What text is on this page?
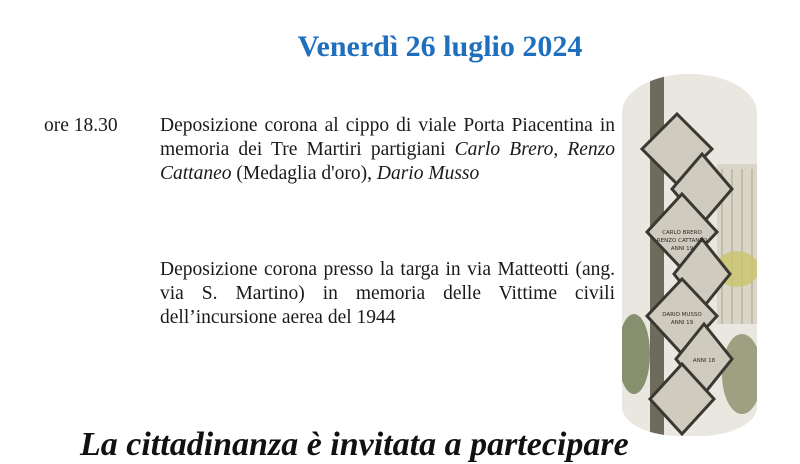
Venerdì 26 luglio 2024
ore 18.30 Deposizione corona al cippo di viale Porta Piacentina in memoria dei Tre Martiri partigiani Carlo Brero, Renzo Cattaneo (Medaglia d'oro), Dario Musso
Deposizione corona presso la targa in via Matteotti (ang. via S. Martino) in memoria delle Vittime civili dell’incursione aerea del 1944
CARLO BRERO
RENZO CATTANEO
ANNI 19
DARIO MUSSO
ANNI 19
ANNI 18
La cittadinanza è invitata a partecipare
